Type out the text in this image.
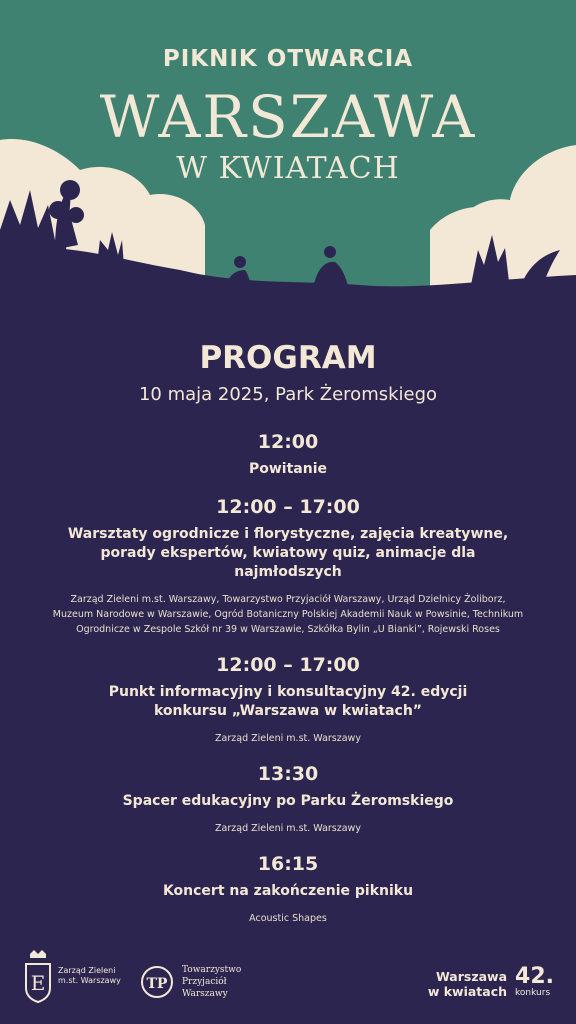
PIKNIK OTWARCIA
WARSZAWA
W KWIATACH
PROGRAM
10 maja 2025, Park Żeromskiego
12:00
Powitanie
12:00 – 17:00
Warsztaty ogrodnicze i florystyczne, zajęcia kreatywne, porady ekspertów, kwiatowy quiz, animacje dla najmłodszych
Zarząd Zieleni m.st. Warszawy, Towarzystwo Przyjaciół Warszawy, Urząd Dzielnicy Żoliborz, Muzeum Narodowe w Warszawie, Ogród Botaniczny Polskiej Akademii Nauk w Powsinie, Technikum Ogrodnicze w Zespole Szkół nr 39 w Warszawie, Szkółka Bylin „U Bianki”, Rojewski Roses
12:00 – 17:00
Punkt informacyjny i konsultacyjny 42. edycji konkursu „Warszawa w kwiatach”
Zarząd Zieleni m.st. Warszawy
13:30
Spacer edukacyjny po Parku Żeromskiego
Zarząd Zieleni m.st. Warszawy
16:15
Koncert na zakończenie pikniku
Acoustic Shapes
E
Zarząd Zieleni
m.st. Warszawy TP
Towarzystwo
Przyjaciół
Warszawy
Warszawa
w kwiatach
42.
konkurs
